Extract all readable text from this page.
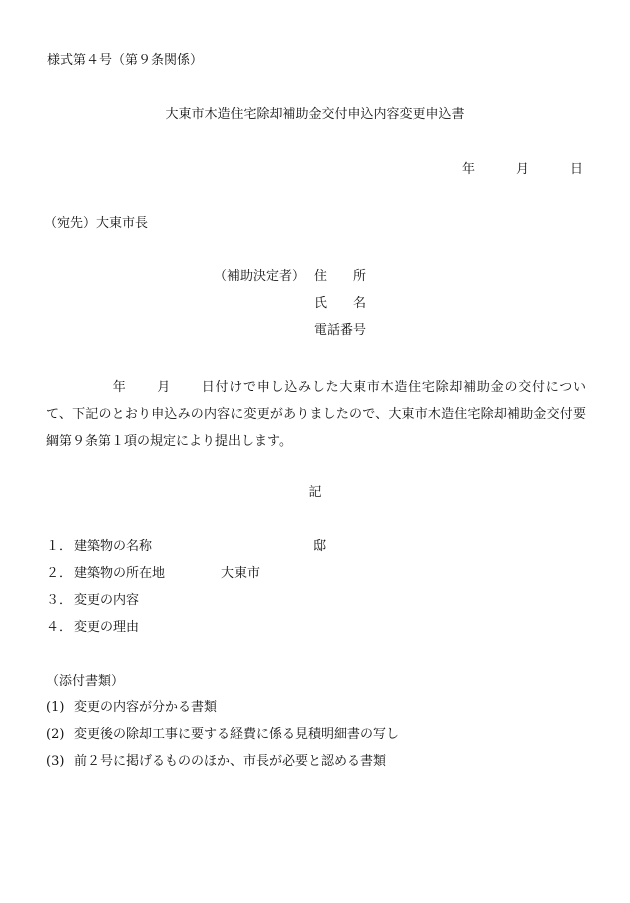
様式第４号（第９条関係）
大東市木造住宅除却補助金交付申込内容変更申込書
年	月	日
（宛先）大東市長
（補助決定者） 住　　所
氏　　名
電話番号
年 月 日付けで申し込みした大東市木造住宅除却補助金の交付について、下記のとおり申込みの内容に変更がありましたので、大東市木造住宅除却補助金交付要綱第９条第１項の規定により提出します。
記
１． 建築物の名称	邸
２． 建築物の所在地	大東市
３． 変更の内容
４． 変更の理由
（添付書類）
(1) 変更の内容が分かる書類
(2) 変更後の除却工事に要する経費に係る見積明細書の写し
(3) 前２号に掲げるもののほか、市長が必要と認める書類
